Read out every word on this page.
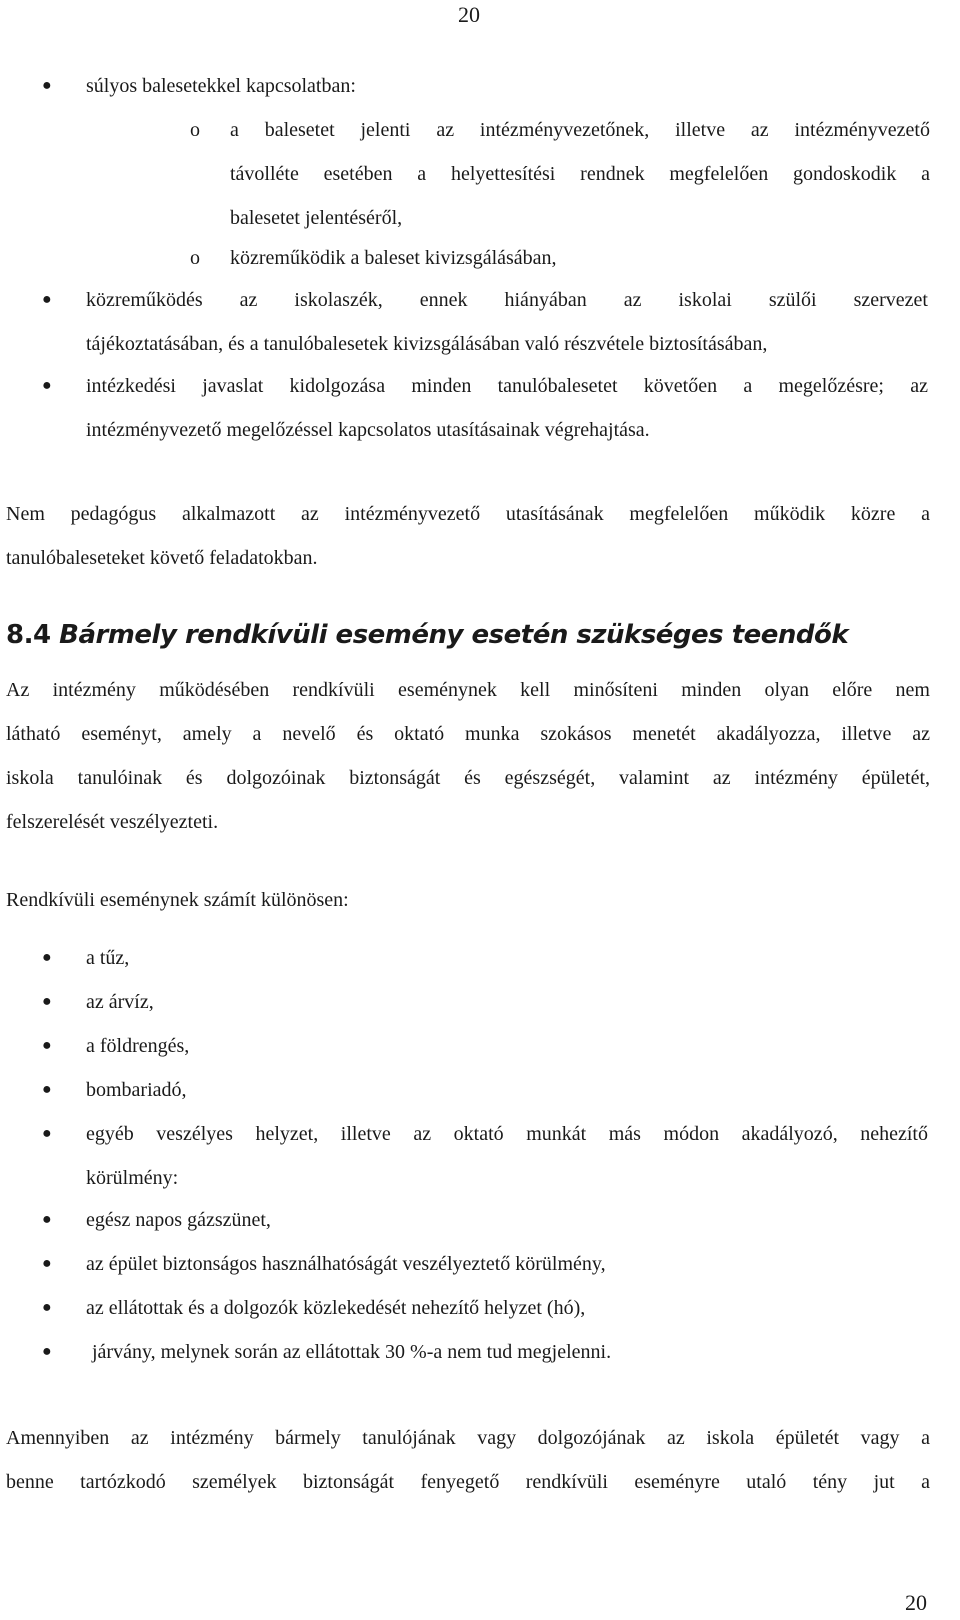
20
● súlyos balesetekkel kapcsolatban:
o a balesetet jelenti az intézményvezetőnek, illetve az intézményvezető
távolléte esetében a helyettesítési rendnek megfelelően gondoskodik a
balesetet jelentéséről,
o közreműködik a baleset kivizsgálásában,
● közreműködés az iskolaszék, ennek hiányában az iskolai szülői szervezet
tájékoztatásában, és a tanulóbalesetek kivizsgálásában való részvétele biztosításában,
● intézkedési javaslat kidolgozása minden tanulóbalesetet követően a megelőzésre; az
intézményvezető megelőzéssel kapcsolatos utasításainak végrehajtása.
Nem pedagógus alkalmazott az intézményvezető utasításának megfelelően működik közre a
tanulóbaleseteket követő feladatokban.
8.4 Bármely rendkívüli esemény esetén szükséges teendők
Az intézmény működésében rendkívüli eseménynek kell minősíteni minden olyan előre nem
látható eseményt, amely a nevelő és oktató munka szokásos menetét akadályozza, illetve az
iskola tanulóinak és dolgozóinak biztonságát és egészségét, valamint az intézmény épületét,
felszerelését veszélyezteti.
Rendkívüli eseménynek számít különösen:
● a tűz,
● az árvíz,
● a földrengés,
● bombariadó,
● egyéb veszélyes helyzet, illetve az oktató munkát más módon akadályozó, nehezítő
körülmény:
● egész napos gázszünet,
● az épület biztonságos használhatóságát veszélyeztető körülmény,
● az ellátottak és a dolgozók közlekedését nehezítő helyzet (hó),
●	járvány, melynek során az ellátottak 30 %-a nem tud megjelenni.
Amennyiben az intézmény bármely tanulójának vagy dolgozójának az iskola épületét vagy a
benne tartózkodó személyek biztonságát fenyegető rendkívüli eseményre utaló tény jut a
20
